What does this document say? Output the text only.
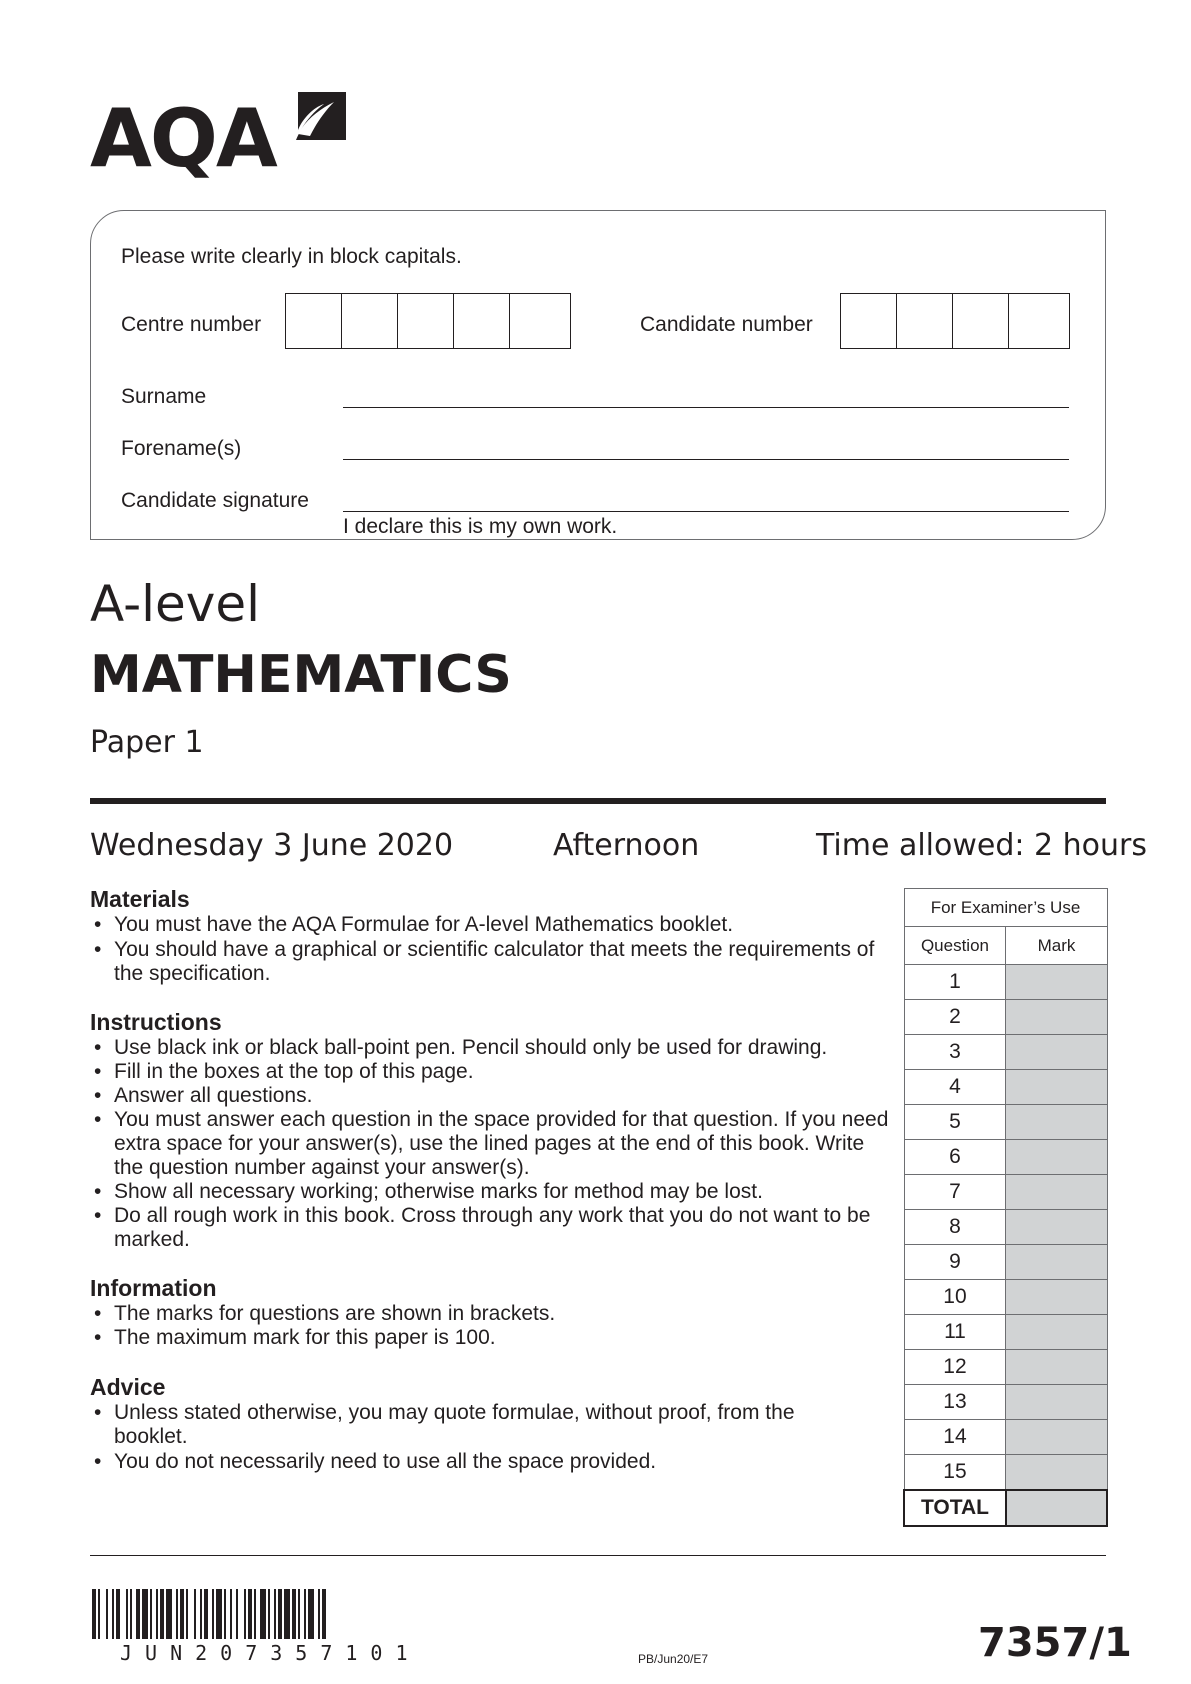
AQA
Please write clearly in block capitals.
Centre number	Candidate number
Surname
Forename(s)
Candidate signature
I declare this is my own work.
A-level
MATHEMATICS
Paper 1
Wednesday 3 June 2020	Afternoon	Time allowed: 2 hours
Materials
• You must have the AQA Formulae for A-level Mathematics booklet.
• You should have a graphical or scientific calculator that meets the requirements of the specification.
Instructions
• Use black ink or black ball-point pen. Pencil should only be used for drawing.
• Fill in the boxes at the top of this page.
• Answer all questions.
• You must answer each question in the space provided for that question. If you need extra space for your answer(s), use the lined pages at the end of this book. Write the question number against your answer(s).
• Show all necessary working; otherwise marks for method may be lost.
• Do all rough work in this book. Cross through any work that you do not want to be marked.
Information
• The marks for questions are shown in brackets.
• The maximum mark for this paper is 100.
Advice
• Unless stated otherwise, you may quote formulae, without proof, from the booklet.
• You do not necessarily need to use all the space provided.
For Examiner’s Use	
Question	Mark
1	
2	
3	
4	
5	
6	
7	
8	
9	
10	
11	
12	
13	
14	
15	
TOTAL	
JUN207357101	PB/Jun20/E7	7357/1
